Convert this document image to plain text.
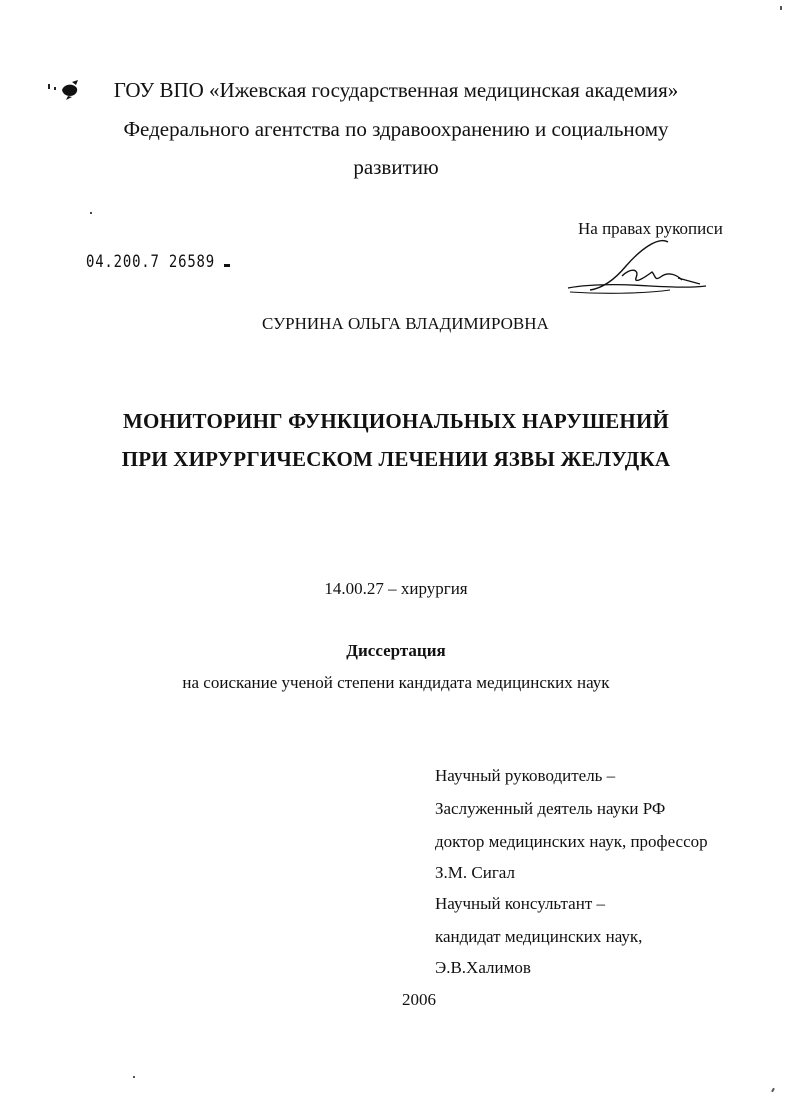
ГОУ ВПО «Ижевская государственная медицинская академия»
Федерального агентства по здравоохранению и социальному
развитию
На правах рукописи
04.200.7 26589
СУРНИНА ОЛЬГА ВЛАДИМИРОВНА
МОНИТОРИНГ ФУНКЦИОНАЛЬНЫХ НАРУШЕНИЙ
ПРИ ХИРУРГИЧЕСКОМ ЛЕЧЕНИИ ЯЗВЫ ЖЕЛУДКА
14.00.27 – хирургия
Диссертация
на соискание ученой степени кандидата медицинских наук
Научный руководитель –
Заслуженный деятель науки РФ
доктор медицинских наук, профессор
З.М. Сигал
Научный консультант –
кандидат медицинских наук,
Э.В.Халимов
2006
